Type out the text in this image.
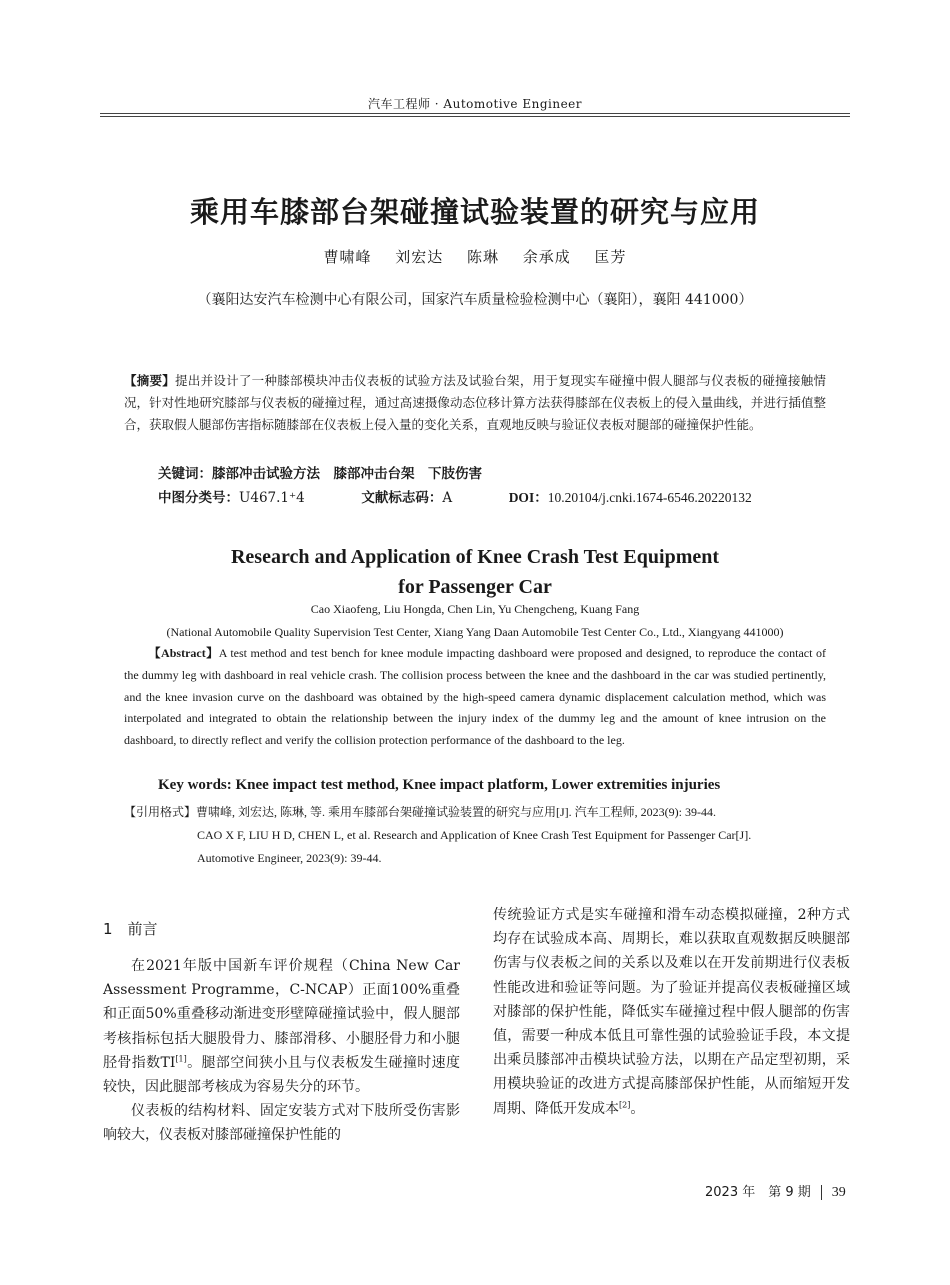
汽车工程师 · Automotive Engineer
乘用车膝部台架碰撞试验装置的研究与应用
曹啸峰 刘宏达 陈琳 余承成 匡芳
（襄阳达安汽车检测中心有限公司，国家汽车质量检验检测中心（襄阳），襄阳 441000）
【摘要】提出并设计了一种膝部模块冲击仪表板的试验方法及试验台架，用于复现实车碰撞中假人腿部与仪表板的碰撞接触情况，针对性地研究膝部与仪表板的碰撞过程，通过高速摄像动态位移计算方法获得膝部在仪表板上的侵入量曲线，并进行插值整合，获取假人腿部伤害指标随膝部在仪表板上侵入量的变化关系，直观地反映与验证仪表板对腿部的碰撞保护性能。
关键词：膝部冲击试验方法　膝部冲击台架　下肢伤害
中图分类号：U467.1⁺4	文献标志码：A	DOI：10.20104/j.cnki.1674-6546.20220132
Research and Application of Knee Crash Test Equipment
for Passenger Car
Cao Xiaofeng, Liu Hongda, Chen Lin, Yu Chengcheng, Kuang Fang
(National Automobile Quality Supervision Test Center, Xiang Yang Daan Automobile Test Center Co., Ltd., Xiangyang 441000)
【Abstract】A test method and test bench for knee module impacting dashboard were proposed and designed, to reproduce the contact of the dummy leg with dashboard in real vehicle crash. The collision process between the knee and the dashboard in the car was studied pertinently, and the knee invasion curve on the dashboard was obtained by the high-speed camera dynamic displacement calculation method, which was interpolated and integrated to obtain the relationship between the injury index of the dummy leg and the amount of knee intrusion on the dashboard, to directly reflect and verify the collision protection performance of the dashboard to the leg.
Key words: Knee impact test method, Knee impact platform, Lower extremities injuries
【引用格式】曹啸峰, 刘宏达, 陈琳, 等. 乘用车膝部台架碰撞试验装置的研究与应用[J]. 汽车工程师, 2023(9): 39-44.
CAO X F, LIU H D, CHEN L, et al. Research and Application of Knee Crash Test Equipment for Passenger Car[J].
Automotive Engineer, 2023(9): 39-44.
1　前言

在2021年版中国新车评价规程（China New Car Assessment Programme，C-NCAP）正面100%重叠和正面50%重叠移动渐进变形壁障碰撞试验中，假人腿部考核指标包括大腿股骨力、膝部滑移、小腿胫骨力和小腿胫骨指数TI[1]。腿部空间狭小且与仪表板发生碰撞时速度较快，因此腿部考核成为容易失分的环节。

仪表板的结构材料、固定安装方式对下肢所受伤害影响较大，仪表板对膝部碰撞保护性能的

传统验证方式是实车碰撞和滑车动态模拟碰撞，2种方式均存在试验成本高、周期长，难以获取直观数据反映腿部伤害与仪表板之间的关系以及难以在开发前期进行仪表板性能改进和验证等问题。为了验证并提高仪表板碰撞区域对膝部的保护性能，降低实车碰撞过程中假人腿部的伤害值，需要一种成本低且可靠性强的试验验证手段，本文提出乘员膝部冲击模块试验方法，以期在产品定型初期，采用模块验证的改进方式提高膝部保护性能，从而缩短开发周期、降低开发成本[2]。

2023 年　第 9 期 39
